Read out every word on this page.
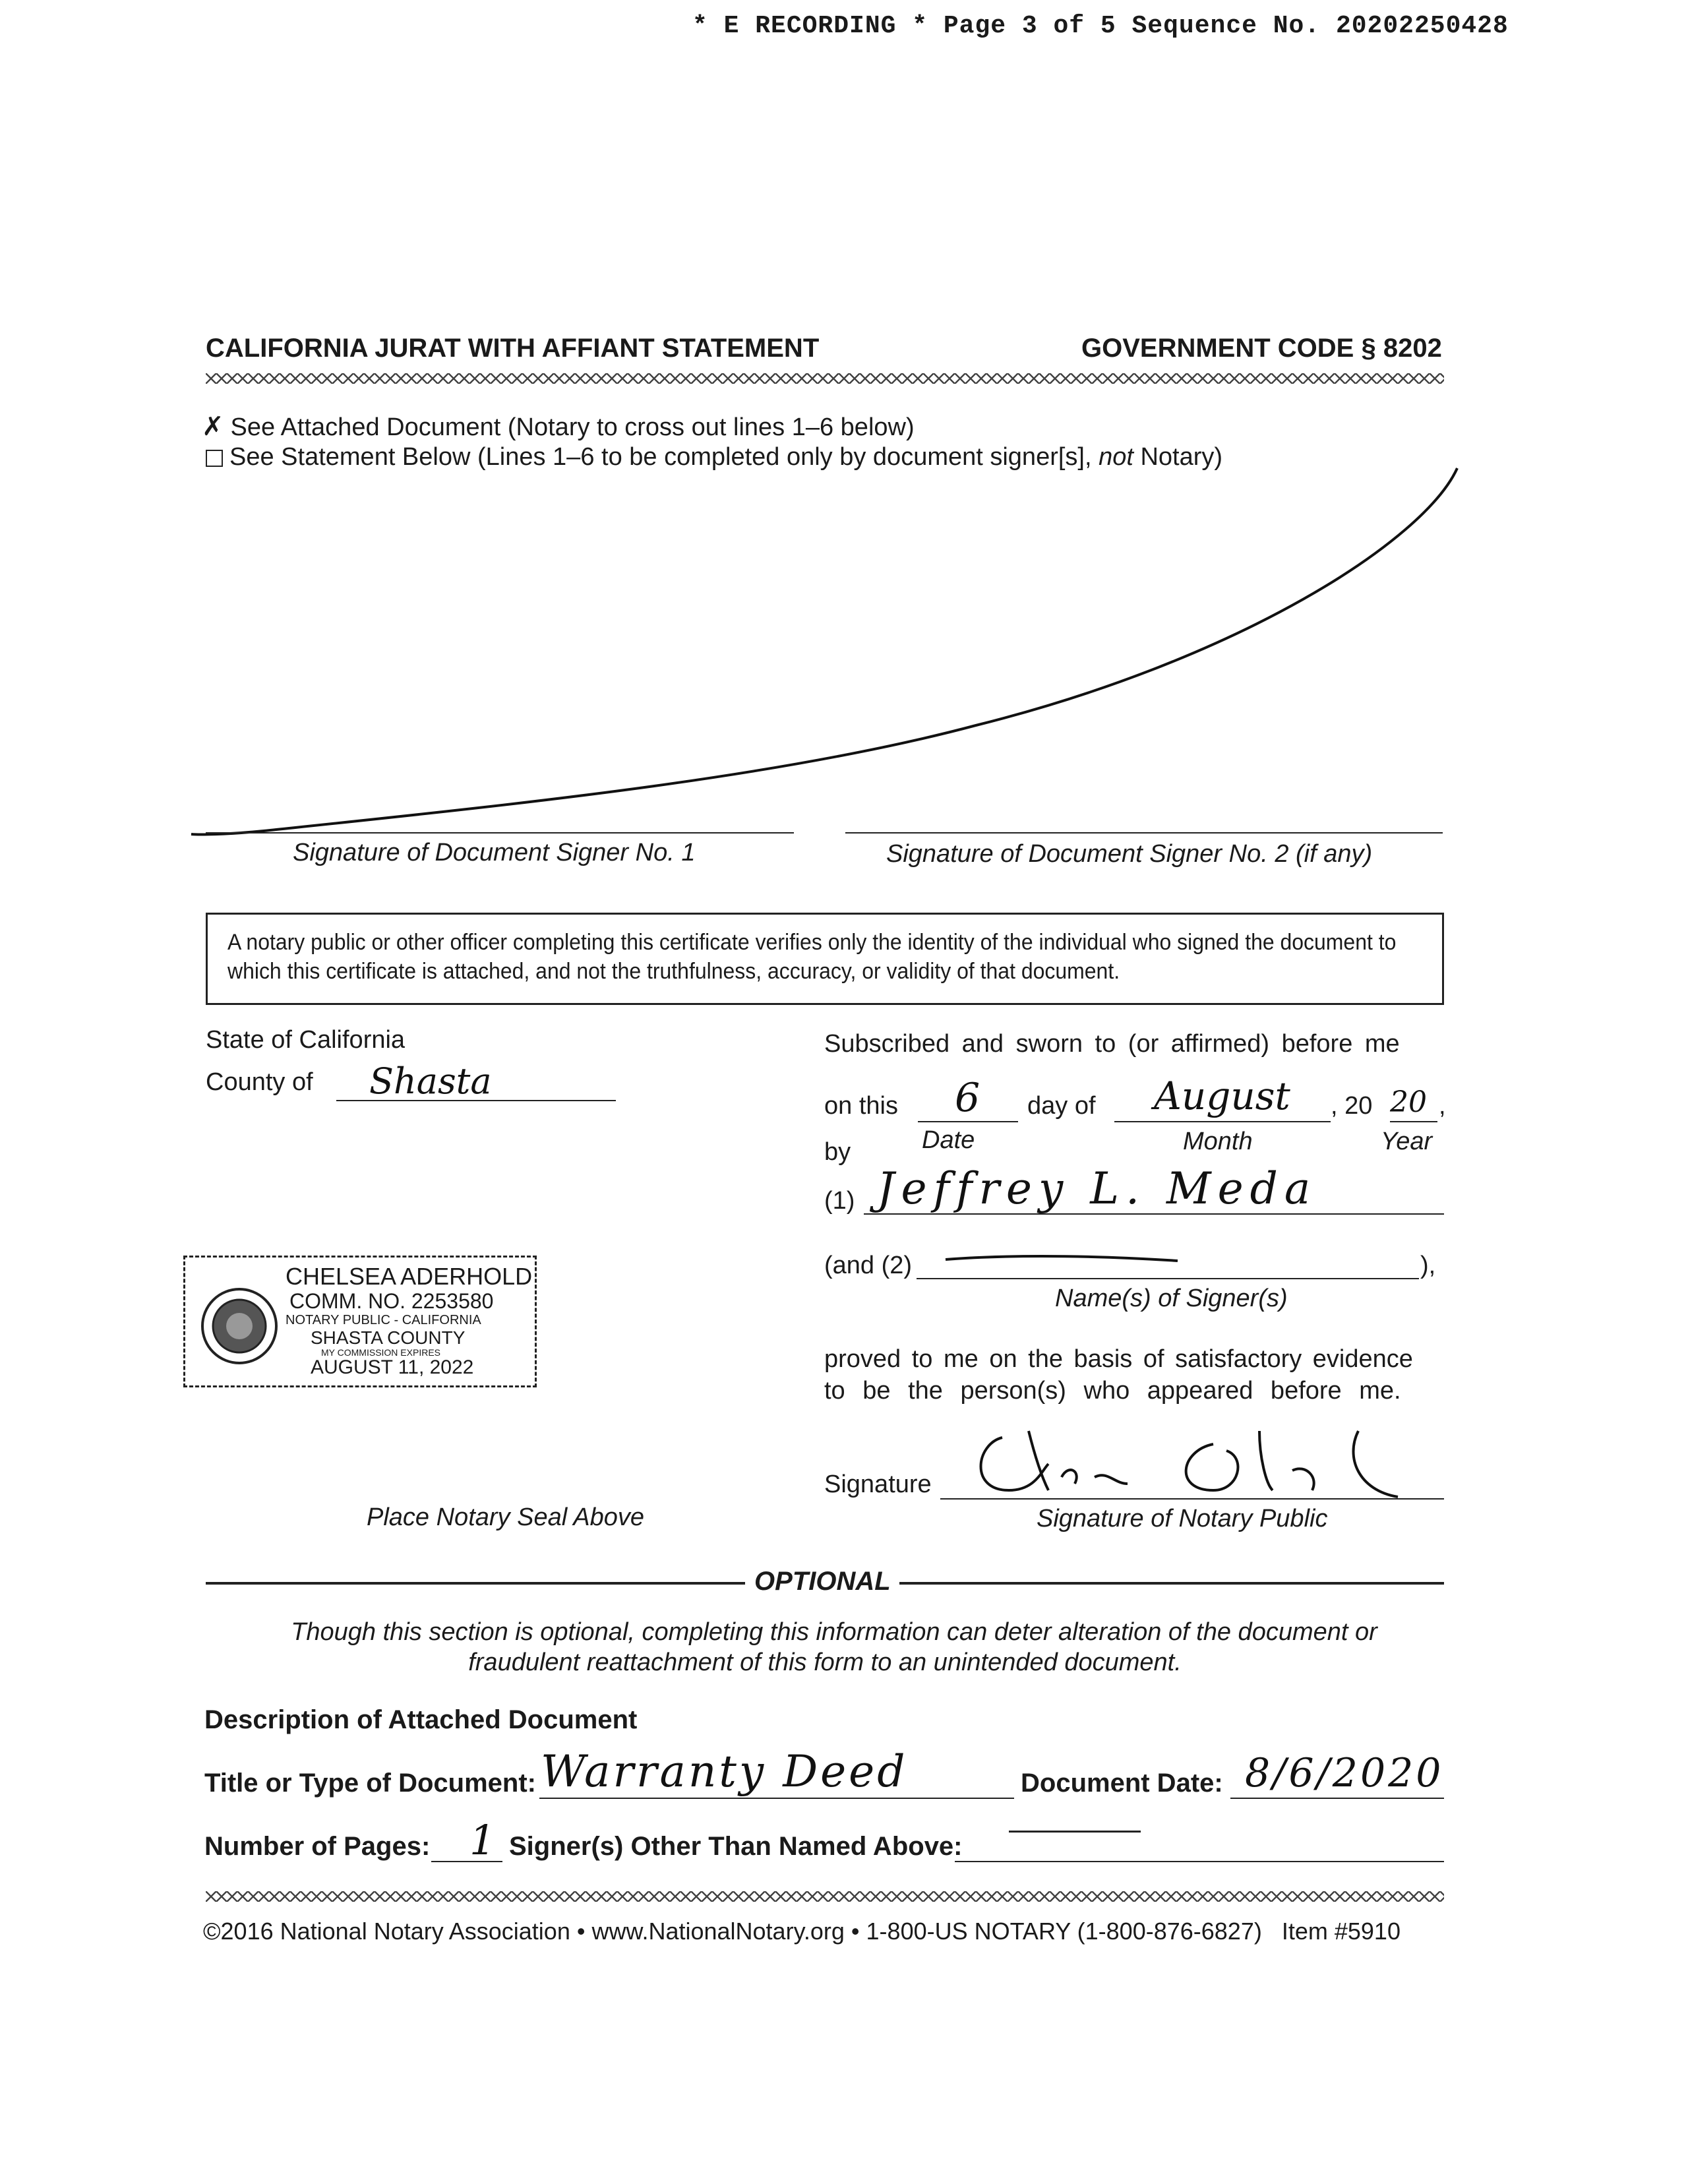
* E RECORDING * Page 3 of 5 Sequence No. 20202250428
CALIFORNIA JURAT WITH AFFIANT STATEMENT	GOVERNMENT CODE § 8202
✗ See Attached Document (Notary to cross out lines 1–6 below)
See Statement Below (Lines 1–6 to be completed only by document signer[s], not Notary)
Signature of Document Signer No. 1	Signature of Document Signer No. 2 (if any)
A notary public or other officer completing this certificate verifies only the identity of the individual who signed the document to which this certificate is attached, and not the truthfulness, accuracy, or validity of that document.
State of California
County of Shasta
Subscribed and sworn to (or affirmed) before me
on this 6 day of August , 20 20 ,
Date	Month	Year
by
(1) Jeffrey L. Meda
(and (2)	),
Name(s) of Signer(s)
CHELSEA ADERHOLD
COMM. NO. 2253580
NOTARY PUBLIC - CALIFORNIA
SHASTA COUNTY
MY COMMISSION EXPIRES
AUGUST 11, 2022	proved to me on the basis of satisfactory evidence
to be the person(s) who appeared before me.
Signature
Signature of Notary Public
Place Notary Seal Above
OPTIONAL
Though this section is optional, completing this information can deter alteration of the document or
fraudulent reattachment of this form to an unintended document.
Description of Attached Document
Title or Type of Document: Warranty Deed	Document Date: 8/6/2020
Number of Pages: 1 Signer(s) Other Than Named Above:
©2016 National Notary Association • www.NationalNotary.org • 1-800-US NOTARY (1-800-876-6827)   Item #5910
